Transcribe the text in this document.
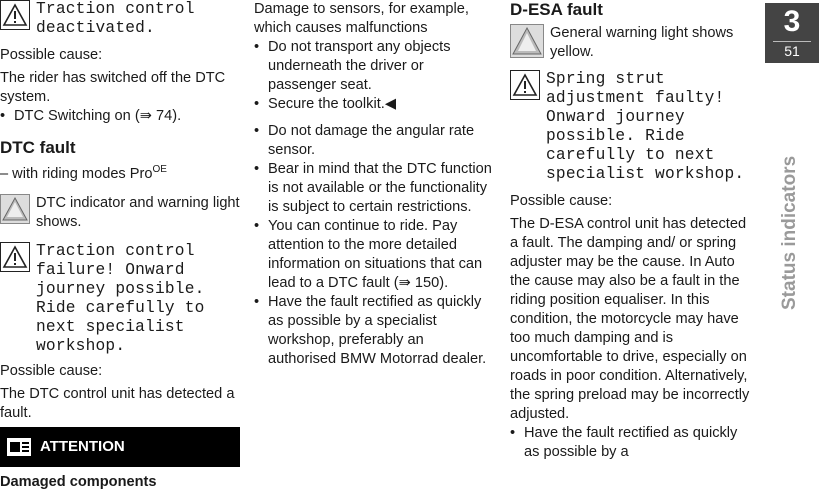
Traction control deactivated.

Possible cause:

The rider has switched off the DTC system.

• DTC Switching on (⇛ 74).

DTC fault

– with riding modes Pro$^{OE}$

DTC indicator and warning light shows.

Traction control failure! Onward journey possible. Ride carefully to next specialist workshop.

Possible cause:

The DTC control unit has detected a fault.

ATTENTION

Damaged components

Damage to sensors, for example, which causes malfunctions

• Do not transport any objects underneath the driver or passenger seat.
• Secure the toolkit.◀
• Do not damage the angular rate sensor.
• Bear in mind that the DTC function is not available or the functionality is subject to certain restrictions.
• You can continue to ride. Pay attention to the more detailed information on situations that can lead to a DTC fault (⇛ 150).
• Have the fault rectified as quickly as possible by a specialist workshop, preferably an authorised BMW Motorrad dealer.

D-ESA fault

General warning light shows yellow.

Spring strut adjustment faulty! Onward journey possible. Ride carefully to next specialist workshop.

Possible cause:

The D-ESA control unit has detected a fault. The damping and/ or spring adjuster may be the cause. In Auto the cause may also be a fault in the riding position equaliser. In this condition, the motorcycle may have too much damping and is uncomfortable to drive, especially on roads in poor condition. Alternatively, the spring preload may be incorrectly adjusted.

• Have the fault rectified as quickly as possible by a
3
51
Status indicators
